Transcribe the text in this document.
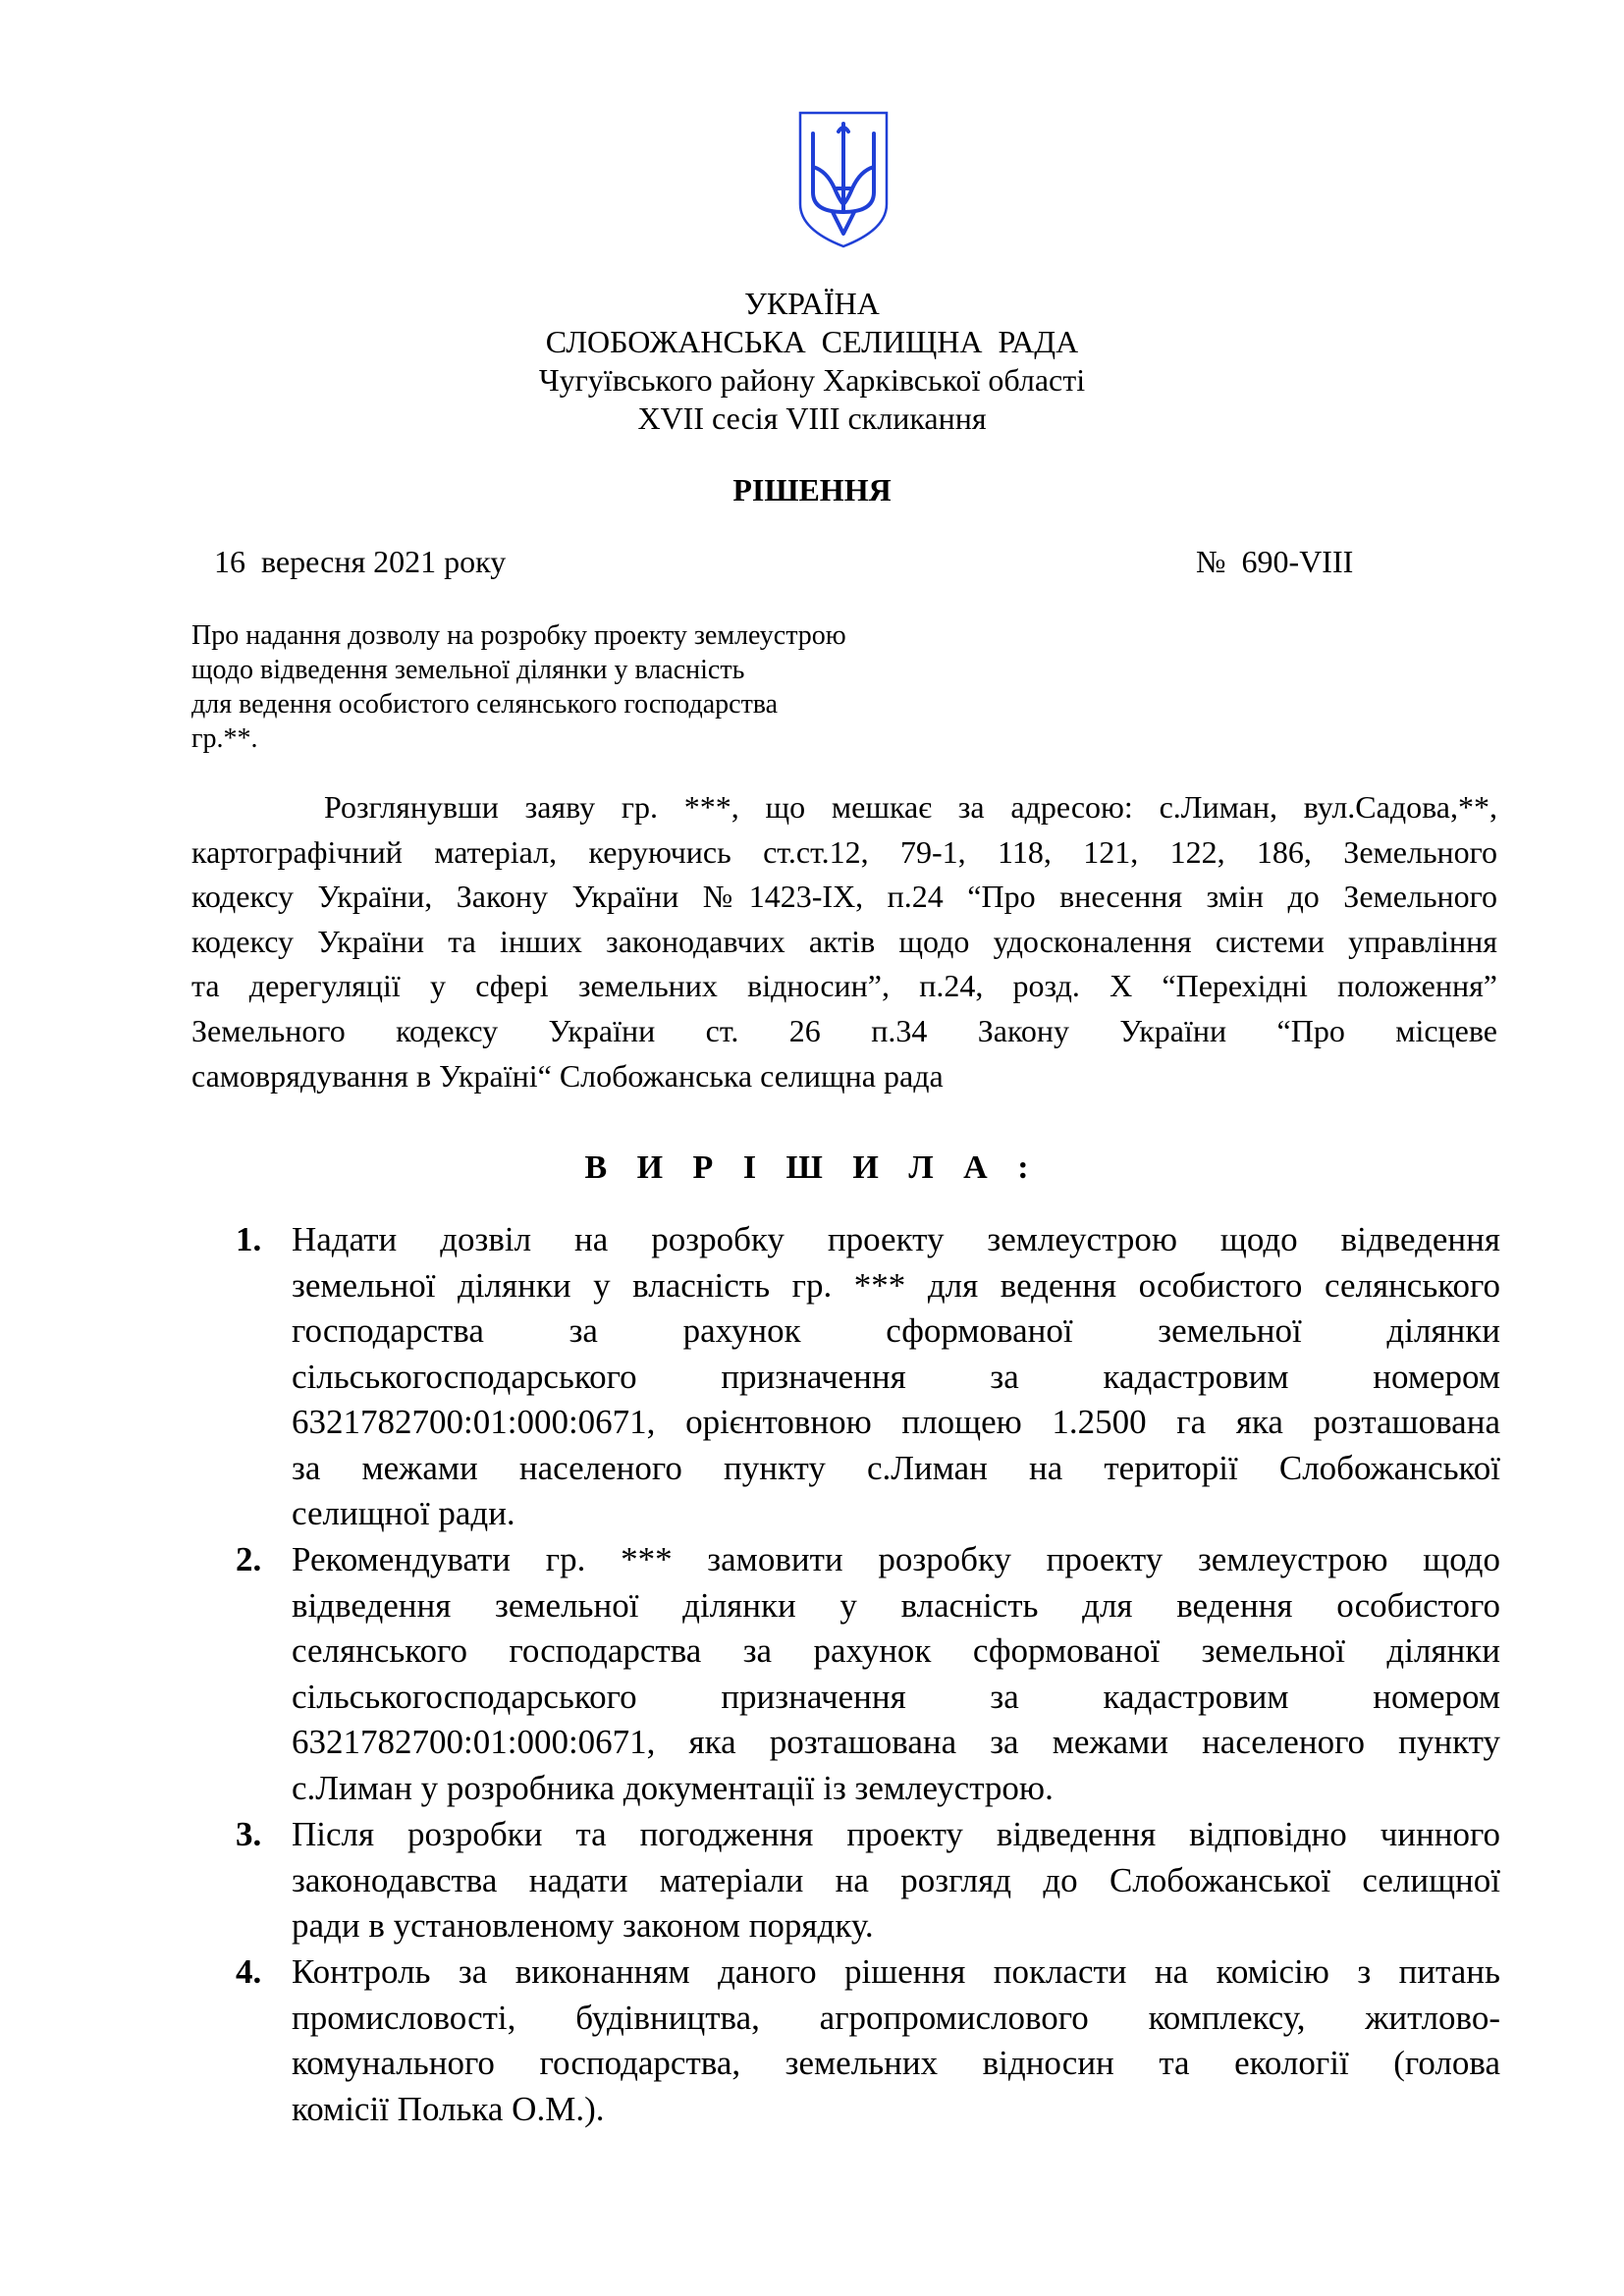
УКРАЇНА
СЛОБОЖАНСЬКА  СЕЛИЩНА  РАДА
Чугуївського району Харківської області
XVII сесія VIII скликання
РІШЕННЯ
16  вересня 2021 року	№  690-VIII
Про надання дозволу на розробку проекту землеустрою
щодо відведення земельної ділянки у власність
для ведення особистого селянського господарства
гр.**.
Розглянувши заяву гр. ***, що мешкає за адресою: с.Лиман, вул.Садова,**,
картографічний матеріал, керуючись ст.ст.12, 79-1, 118, 121, 122, 186, Земельного
кодексу України, Закону України №1423-IX, п.24 “Про внесення змін до Земельного
кодексу України та інших законодавчих актів щодо удосконалення системи управління
та дерегуляції у сфері земельних відносин”, п.24, розд. X “Перехідні положення”
Земельного кодексу України ст. 26 п.34 Закону України “Про місцеве
самоврядування в Україні“ Слобожанська селищна рада
В И Р І Ш И Л А :
1. Надати дозвіл на розробку проекту землеустрою щодо відведення
земельної ділянки у власність гр. *** для ведення особистого селянського
господарства за рахунок сформованої земельної ділянки
сільськогосподарського призначення за кадастровим номером
6321782700:01:000:0671, орієнтовною площею 1.2500 га яка розташована
за межами населеного пункту с.Лиман на території Слобожанської
селищної ради.
2. Рекомендувати гр. *** замовити розробку проекту землеустрою щодо
відведення земельної ділянки у власність для ведення особистого
селянського господарства за рахунок сформованої земельної ділянки
сільськогосподарського призначення за кадастровим номером
6321782700:01:000:0671, яка розташована за межами населеного пункту
с.Лиман у розробника документації із землеустрою.
3. Після розробки та погодження проекту відведення відповідно чинного
законодавства надати матеріали на розгляд до Слобожанської селищної
ради в установленому законом порядку.
4. Контроль за виконанням даного рішення покласти на комісію з питань
промисловості, будівництва, агропромислового комплексу, житлово-
комунального господарства, земельних відносин та екології (голова
комісії Полька О.М.).
